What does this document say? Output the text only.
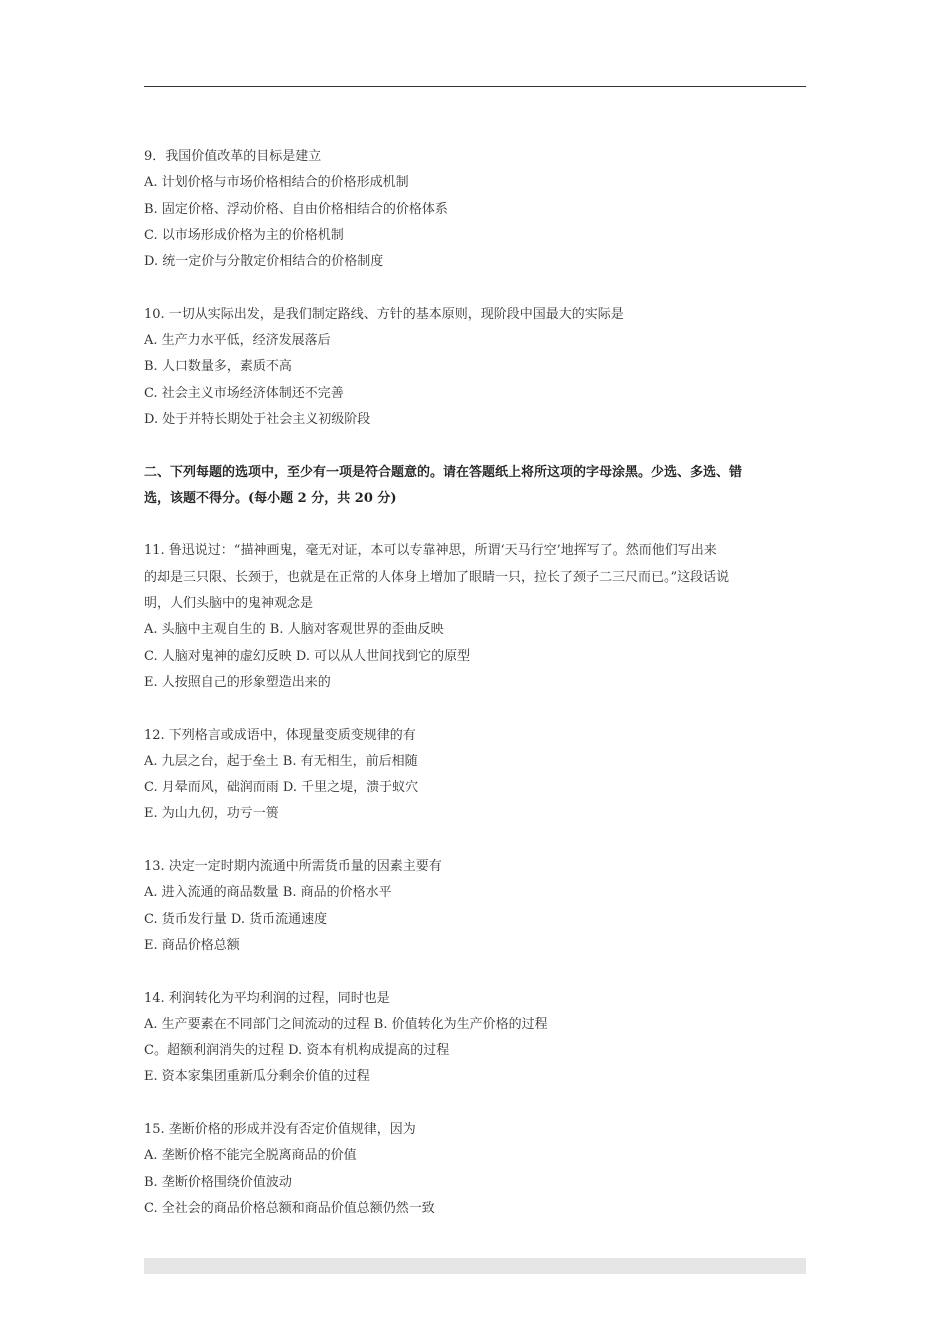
9．我国价值改革的目标是建立

A. 计划价格与市场价格相结合的价格形成机制

B. 固定价格、浮动价格、自由价格相结合的价格体系

C. 以市场形成价格为主的价格机制

D. 统一定价与分散定价相结合的价格制度

10. 一切从实际出发，是我们制定路线、方针的基本原则，现阶段中国最大的实际是

A. 生产力水平低，经济发展落后

B. 人口数量多，素质不高

C. 社会主义市场经济体制还不完善

D. 处于并特长期处于社会主义初级阶段

二、下列每题的选项中，至少有一项是符合题意的。请在答题纸上将所这项的字母涂黑。少选、多选、错

选，该题不得分。(每小题 2 分，共 20 分)

11. 鲁迅说过：“描神画鬼，毫无对证，本可以专靠神思，所谓‘天马行空’地挥写了。然而他们写出来

的却是三只限、长颈于，也就是在正常的人体身上增加了眼睛一只，拉长了颈子二三尺而已。”这段话说

明，人们头脑中的鬼神观念是

A. 头脑中主观自生的 B. 人脑对客观世界的歪曲反映

C. 人脑对鬼神的虚幻反映 D. 可以从人世间找到它的原型

E. 人按照自己的形象塑造出来的

12. 下列格言或成语中，体现量变质变规律的有

A. 九层之台，起于垒土 B. 有无相生，前后相随

C. 月晕而风，础润而雨 D. 千里之堤，溃于蚁穴

E. 为山九仞，功亏一篑

13. 决定一定时期内流通中所需货币量的因素主要有

A. 进入流通的商品数量 B. 商品的价格水平

C. 货币发行量 D. 货币流通速度

E. 商品价格总额

14. 利润转化为平均利润的过程，同时也是

A. 生产要素在不同部门之间流动的过程 B. 价值转化为生产价格的过程

C。超额利润消失的过程 D. 资本有机构成提高的过程

E. 资本家集团重新瓜分剩余价值的过程

15. 垄断价格的形成并没有否定价值规律，因为

A. 垄断价格不能完全脱离商品的价值

B. 垄断价格围绕价值波动

C. 全社会的商品价格总额和商品价值总额仍然一致
